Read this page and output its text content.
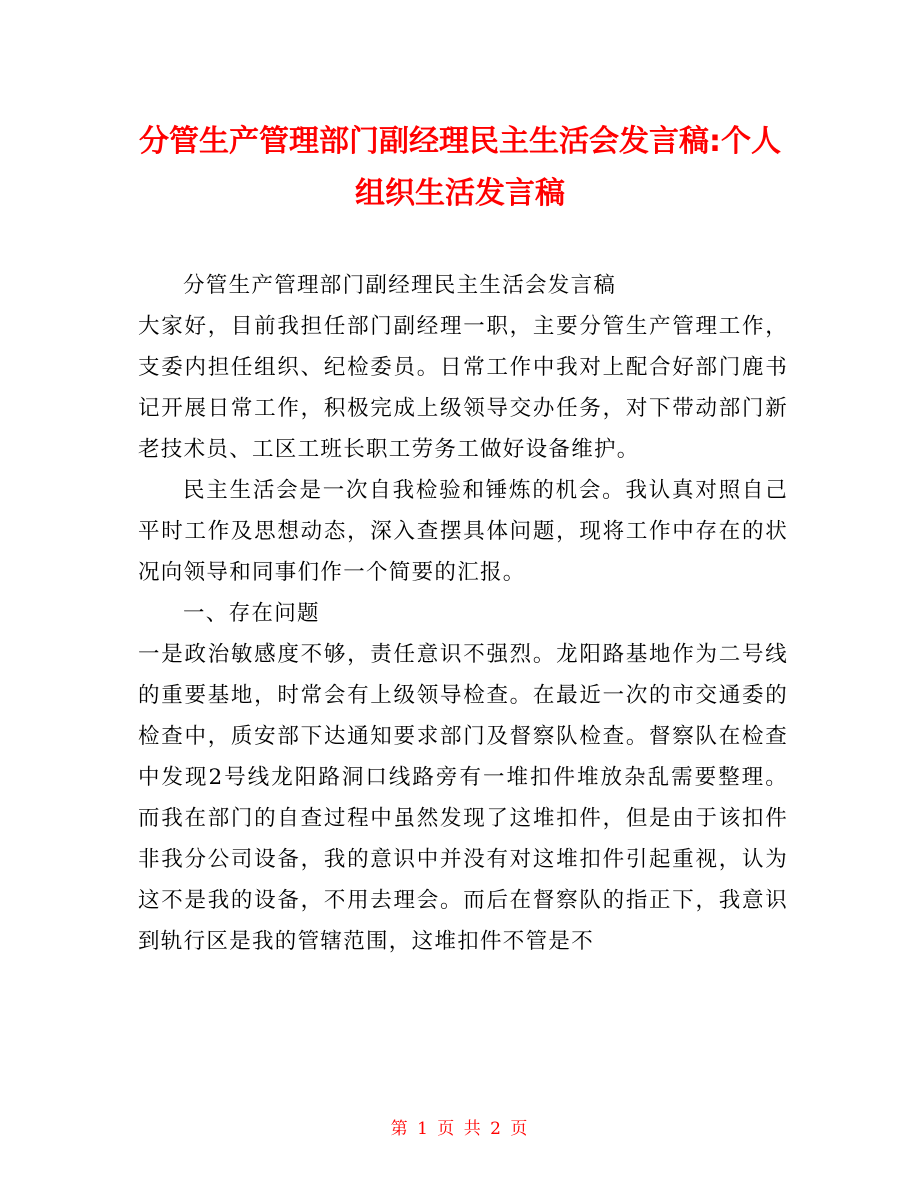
分管生产管理部门副经理民主生活会发言稿:个人组织生活发言稿

分管生产管理部门副经理民主生活会发言稿

大家好，目前我担任部门副经理一职，主要分管生产管理工作，支委内担任组织、纪检委员。日常工作中我对上配合好部门鹿书记开展日常工作，积极完成上级领导交办任务，对下带动部门新老技术员、工区工班长职工劳务工做好设备维护。

民主生活会是一次自我检验和锤炼的机会。我认真对照自己平时工作及思想动态，深入查摆具体问题，现将工作中存在的状况向领导和同事们作一个简要的汇报。

一、存在问题

一是政治敏感度不够，责任意识不强烈。龙阳路基地作为二号线的重要基地，时常会有上级领导检查。在最近一次的市交通委的检查中，质安部下达通知要求部门及督察队检查。督察队在检查中发现2号线龙阳路洞口线路旁有一堆扣件堆放杂乱需要整理。而我在部门的自查过程中虽然发现了这堆扣件，但是由于该扣件非我分公司设备，我的意识中并没有对这堆扣件引起重视，认为这不是我的设备，不用去理会。而后在督察队的指正下，我意识到轨行区是我的管辖范围，这堆扣件不管是不

第 1 页 共 2 页
